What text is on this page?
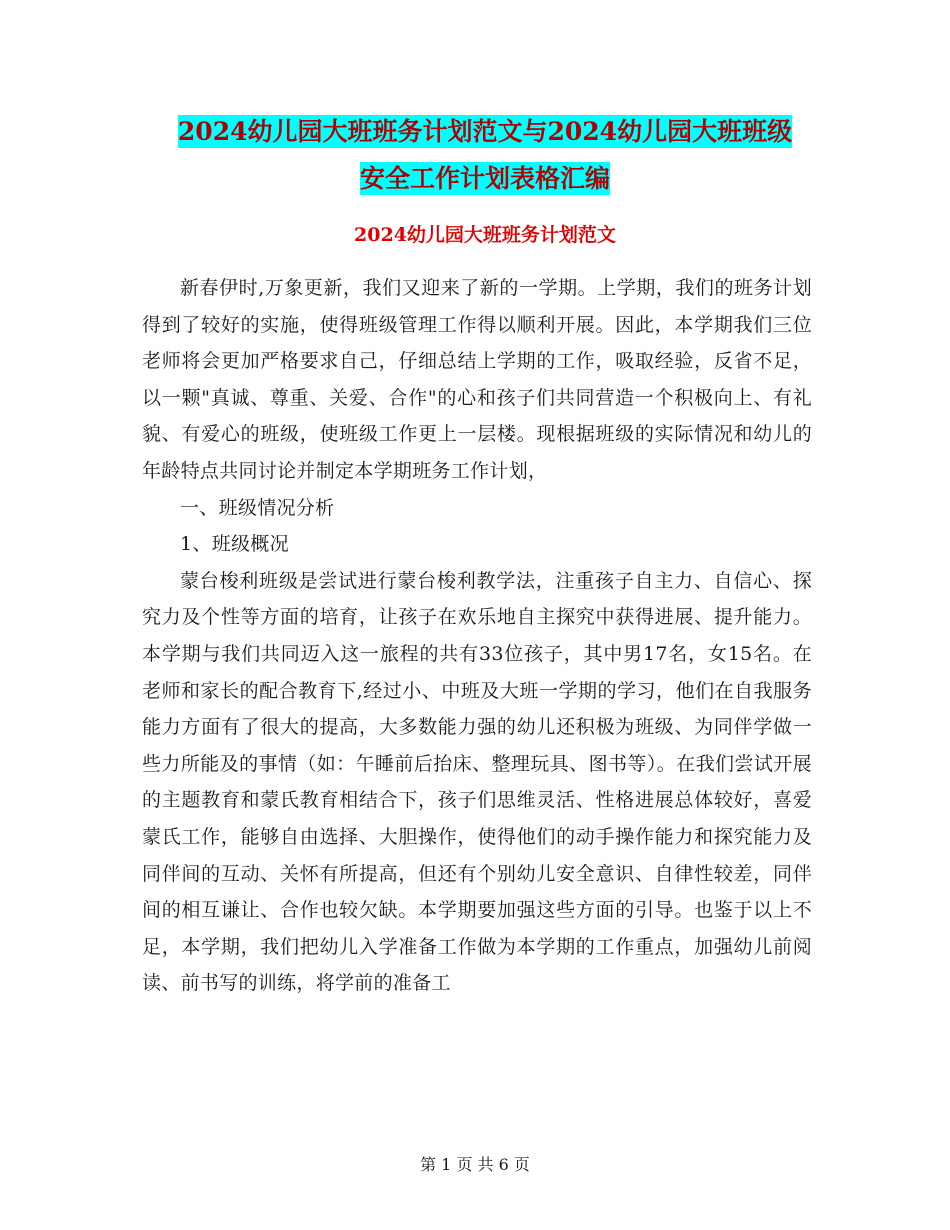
2024幼儿园大班班务计划范文与2024幼儿园大班班级
安全工作计划表格汇编
2024幼儿园大班班务计划范文

新春伊时,万象更新，我们又迎来了新的一学期。上学期，我们的班务计划得到了较好的实施，使得班级管理工作得以顺利开展。因此，本学期我们三位老师将会更加严格要求自己，仔细总结上学期的工作，吸取经验，反省不足，以一颗"真诚、尊重、关爱、合作"的心和孩子们共同营造一个积极向上、有礼貌、有爱心的班级，使班级工作更上一层楼。现根据班级的实际情况和幼儿的年龄特点共同讨论并制定本学期班务工作计划，

一、班级情况分析

1、班级概况

蒙台梭利班级是尝试进行蒙台梭利教学法，注重孩子自主力、自信心、探究力及个性等方面的培育，让孩子在欢乐地自主探究中获得进展、提升能力。本学期与我们共同迈入这一旅程的共有33位孩子，其中男17名，女15名。在老师和家长的配合教育下,经过小、中班及大班一学期的学习，他们在自我服务能力方面有了很大的提高，大多数能力强的幼儿还积极为班级、为同伴学做一些力所能及的事情（如：午睡前后抬床、整理玩具、图书等）。在我们尝试开展的主题教育和蒙氏教育相结合下，孩子们思维灵活、性格进展总体较好，喜爱蒙氏工作，能够自由选择、大胆操作，使得他们的动手操作能力和探究能力及同伴间的互动、关怀有所提高，但还有个别幼儿安全意识、自律性较差，同伴间的相互谦让、合作也较欠缺。本学期要加强这些方面的引导。也鉴于以上不足，本学期，我们把幼儿入学准备工作做为本学期的工作重点，加强幼儿前阅读、前书写的训练，将学前的准备工

第 1 页 共 6 页
